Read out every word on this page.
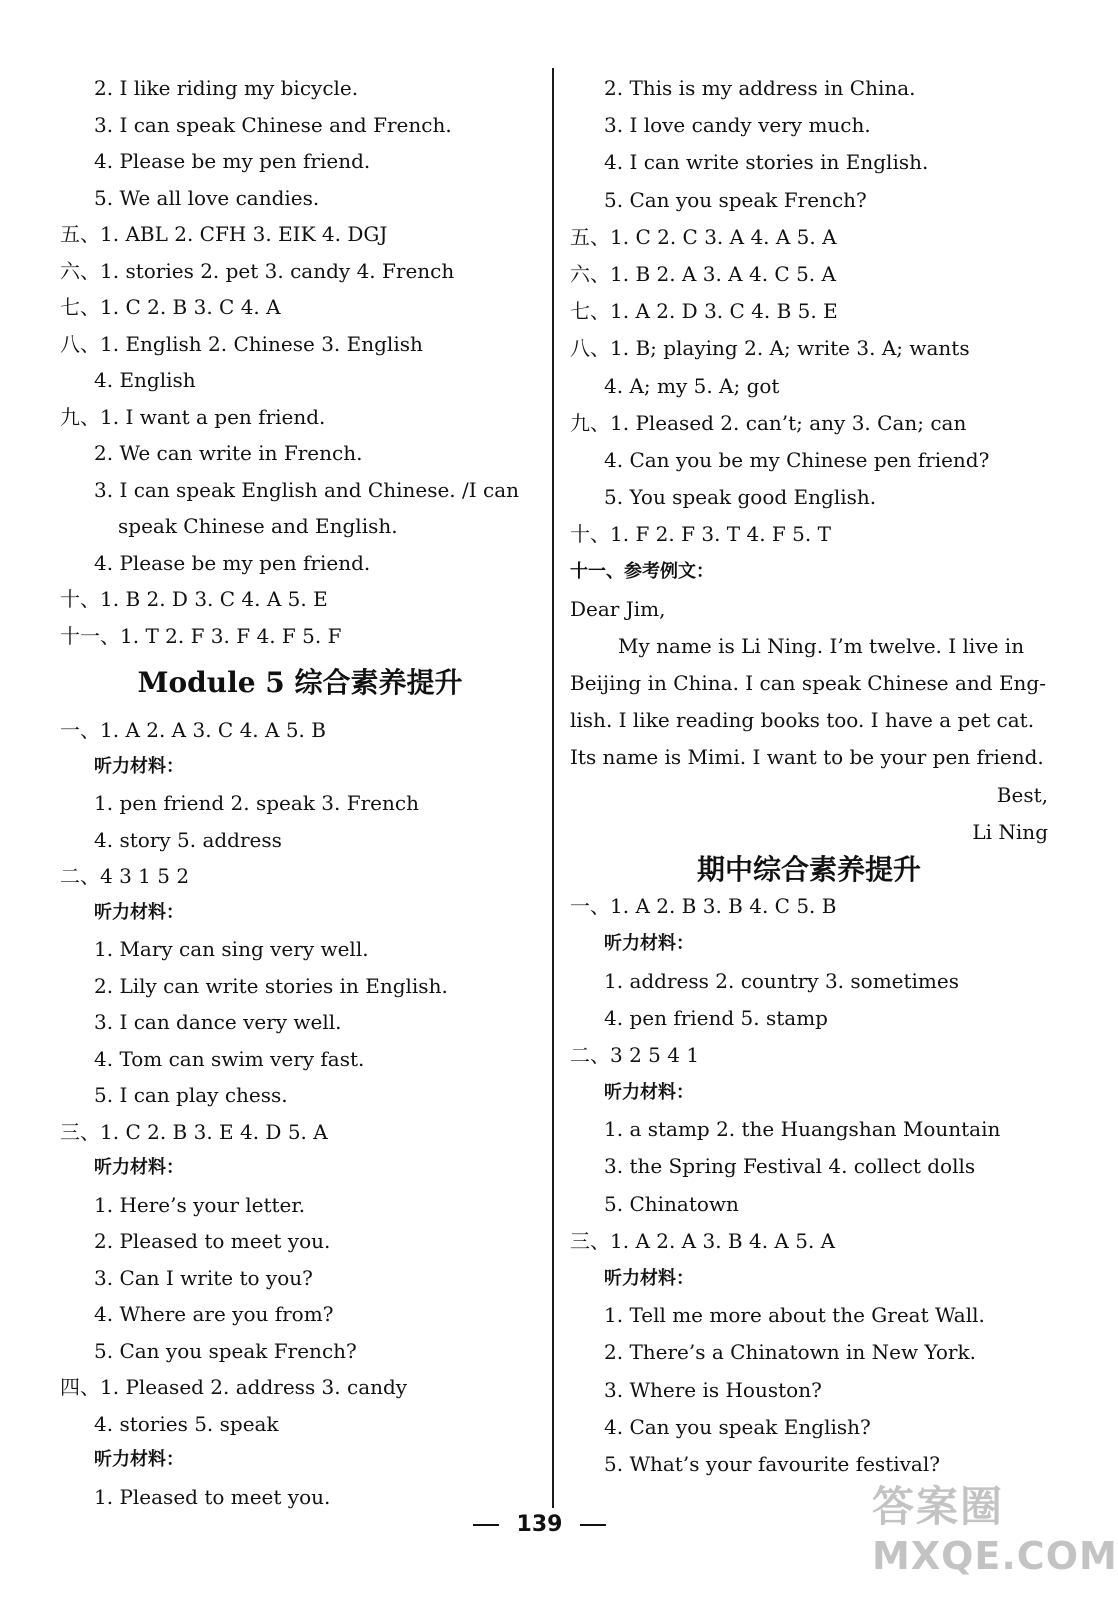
2. I like riding my bicycle.
3. I can speak Chinese and French.
4. Please be my pen friend.
5. We all love candies.
五、1. ABL 2. CFH 3. EIK 4. DGJ
六、1. stories 2. pet 3. candy 4. French
七、1. C 2. B 3. C 4. A
八、1. English 2. Chinese 3. English
4. English
九、1. I want a pen friend.
2. We can write in French.
3. I can speak English and Chinese. /I can
speak Chinese and English.
4. Please be my pen friend.
十、1. B 2. D 3. C 4. A 5. E
十一、1. T 2. F 3. F 4. F 5. F
Module 5 综合素养提升
一、1. A 2. A 3. C 4. A 5. B
听力材料：
1. pen friend 2. speak 3. French
4. story 5. address
二、4 3 1 5 2
听力材料：
1. Mary can sing very well.
2. Lily can write stories in English.
3. I can dance very well.
4. Tom can swim very fast.
5. I can play chess.
三、1. C 2. B 3. E 4. D 5. A
听力材料：
1. Here’s your letter.
2. Pleased to meet you.
3. Can I write to you?
4. Where are you from?
5. Can you speak French?
四、1. Pleased 2. address 3. candy
4. stories 5. speak
听力材料：
1. Pleased to meet you.
2. This is my address in China.
3. I love candy very much.
4. I can write stories in English.
5. Can you speak French?
五、1. C 2. C 3. A 4. A 5. A
六、1. B 2. A 3. A 4. C 5. A
七、1. A 2. D 3. C 4. B 5. E
八、1. B; playing 2. A; write 3. A; wants
4. A; my 5. A; got
九、1. Pleased 2. can’t; any 3. Can; can
4. Can you be my Chinese pen friend?
5. You speak good English.
十、1. F 2. F 3. T 4. F 5. T
十一、参考例文：
Dear Jim,
My name is Li Ning. I’m twelve. I live in
Beijing in China. I can speak Chinese and Eng-
lish. I like reading books too. I have a pet cat.
Its name is Mimi. I want to be your pen friend.
Best,
Li Ning
期中综合素养提升
一、1. A 2. B 3. B 4. C 5. B
听力材料：
1. address 2. country 3. sometimes
4. pen friend 5. stamp
二、3 2 5 4 1
听力材料：
1. a stamp 2. the Huangshan Mountain
3. the Spring Festival 4. collect dolls
5. Chinatown
三、1. A 2. A 3. B 4. A 5. A
听力材料：
1. Tell me more about the Great Wall.
2. There’s a Chinatown in New York.
3. Where is Houston?
4. Can you speak English?
5. What’s your favourite festival?
139	答案圈
MXQE.COM
